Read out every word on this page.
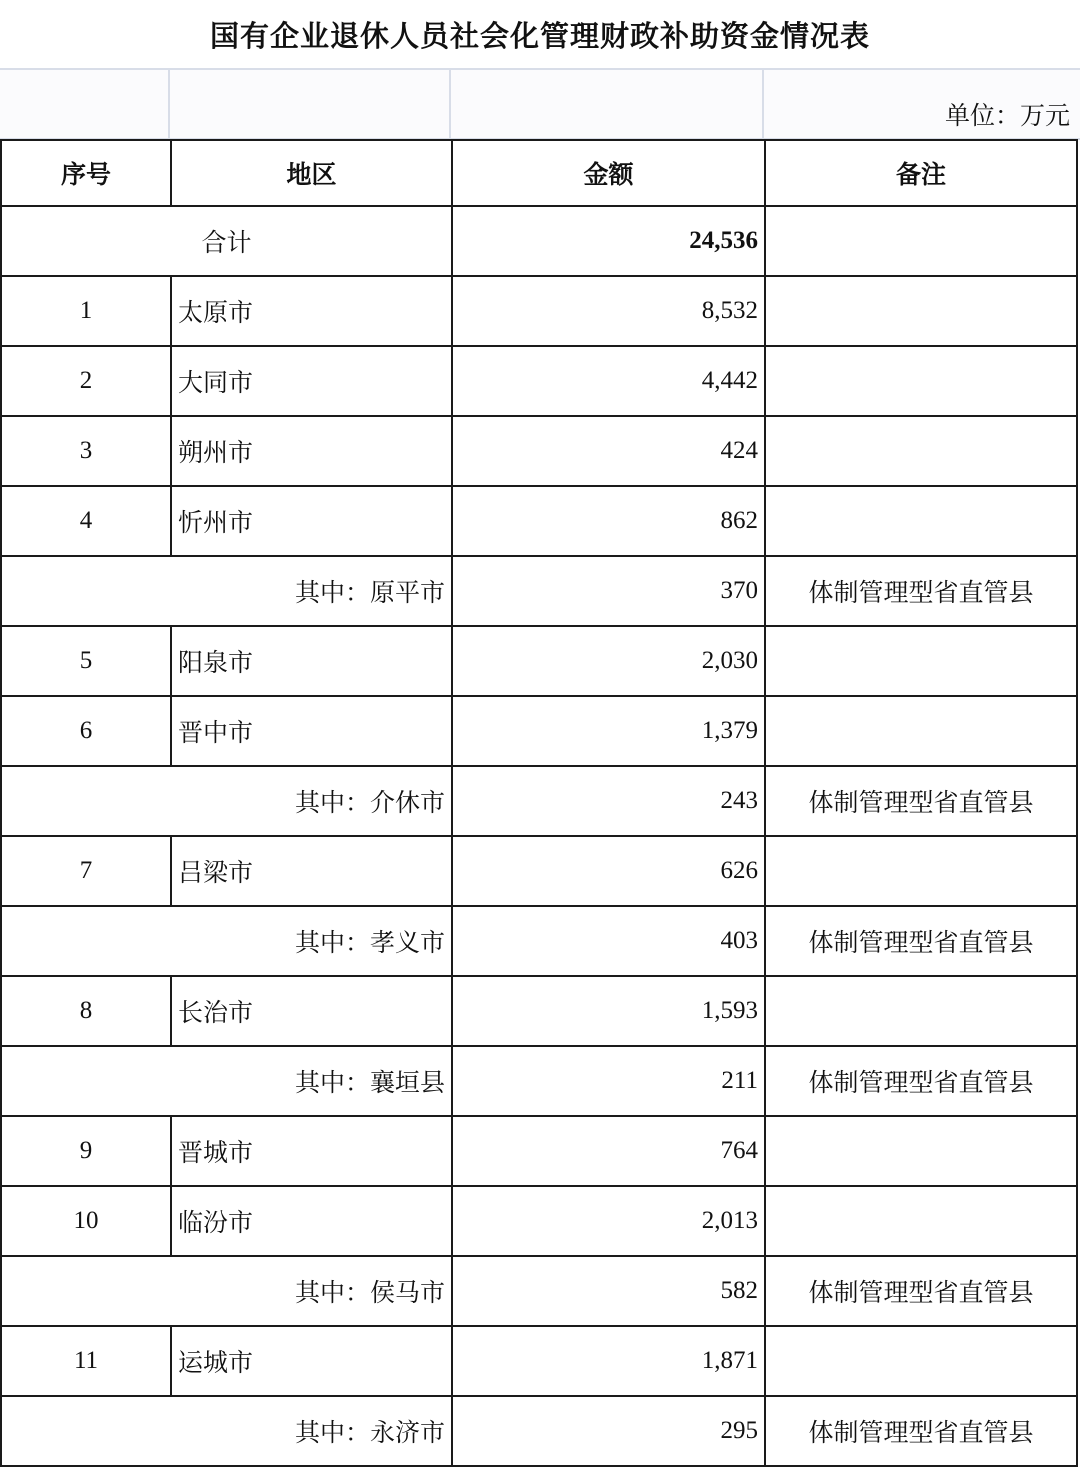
国有企业退休人员社会化管理财政补助资金情况表
单位：万元
序号	地区	金额	备注
合计		24,536	
1	太原市	8,532	
2	大同市	4,442	
3	朔州市	424	
4	忻州市	862	
其中：原平市		370	体制管理型省直管县
5	阳泉市	2,030	
6	晋中市	1,379	
其中：介休市		243	体制管理型省直管县
7	吕梁市	626	
其中：孝义市		403	体制管理型省直管县
8	长治市	1,593	
其中：襄垣县		211	体制管理型省直管县
9	晋城市	764	
10	临汾市	2,013	
其中：侯马市		582	体制管理型省直管县
11	运城市	1,871	
其中：永济市		295	体制管理型省直管县
